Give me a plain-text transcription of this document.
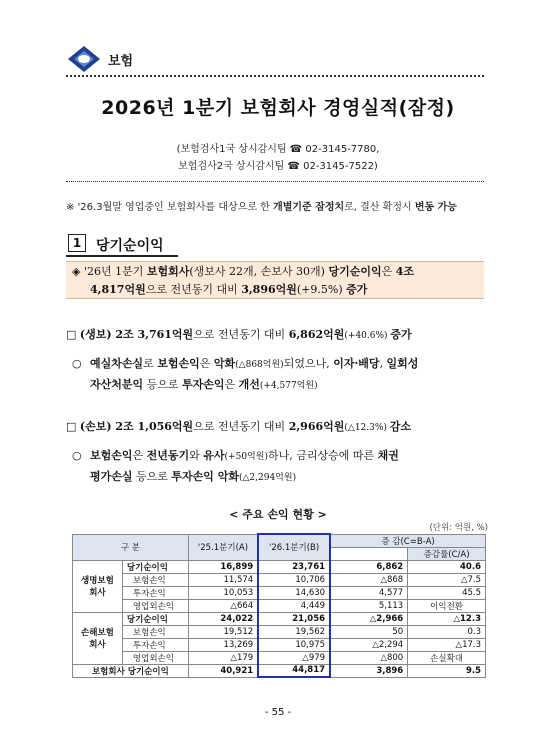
보험
2026년 1분기 보험회사 경영실적(잠정)
(보험검사1국 상시감시팀 ☎ 02-3145-7780,
보험검사2국 상시감시팀 ☎ 02-3145-7522)
※ '26.3월말 영업중인 보험회사를 대상으로 한 개별기준 잠정치로, 결산 확정시 변동 가능
1	당기순이익
◈ '26년 1분기 보험회사(생보사 22개, 손보사 30개) 당기순이익은 4조
4,817억원으로 전년동기 대비 3,896억원(+9.5%) 증가
□ (생보) 2조 3,761억원으로 전년동기 대비 6,862억원(+40.6%) 증가
○ 예실차손실로 보험손익은 악화(△868억원)되었으나, 이자·배당, 일회성
자산처분익 등으로 투자손익은 개선(+4,577억원)
□ (손보) 2조 1,056억원으로 전년동기 대비 2,966억원(△12.3%) 감소
○ 보험손익은 전년동기와 유사(+50억원)하나, 금리상승에 따른 채권
평가손실 등으로 투자손익 악화(△2,294억원)
< 주요 손익 현황 >
(단위: 억원, %)
구 분		'25.1분기(A)	'26.1분기(B)	증 감(C=B-A)	
					증감률(C/A)
생명보험
회사	당기순이익	16,899	23,761	6,862	40.6
	보험손익	11,574	10,706	△868	△7.5
	투자손익	10,053	14,630	4,577	45.5
	영업외손익	△664	4,449	5,113	이익전환
손해보험
회사	당기순이익	24,022	21,056	△2,966	△12.3
	보험손익	19,512	19,562	50	0.3
	투자손익	13,269	10,975	△2,294	△17.3
	영업외손익	△179	△979	△800	손실확대
보험회사 당기순이익		40,921	44,817	3,896	9.5
- 55 -
